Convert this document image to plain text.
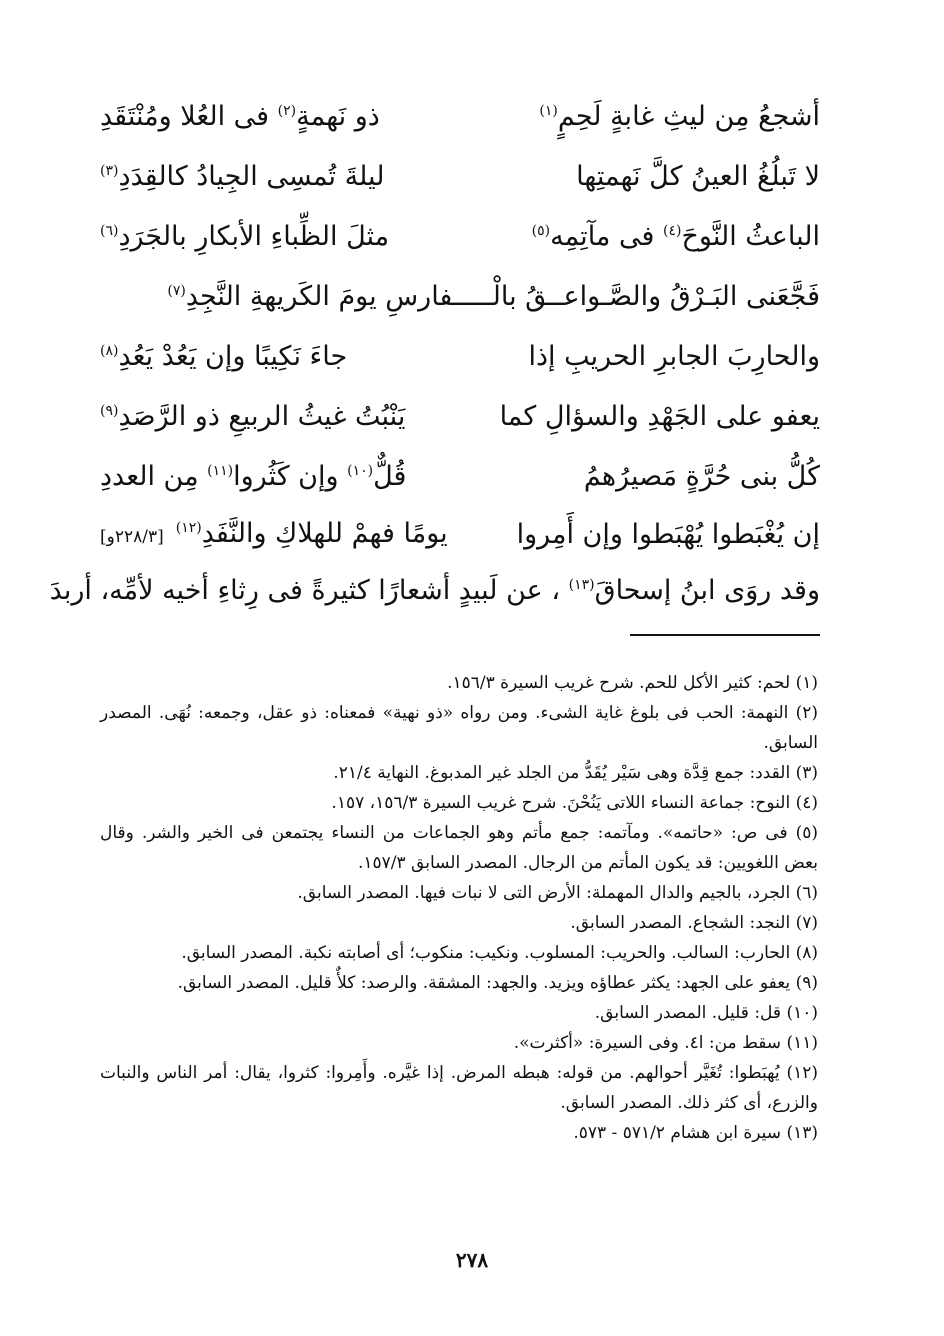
أشجعُ مِن ليثِ غابةٍ لَحِمٍ$^{(١)}$
ذو نَهمةٍ$^{(٢)}$ فى العُلا ومُنْتَقَدِ
لا تَبلُغُ العينُ كلَّ نَهمتِها
ليلةَ تُمسِى الجِيادُ كالقِدَدِ$^{(٣)}$
الباعثُ النَّوحَ$^{(٤)}$ فى مآتِمِه$^{(٥)}$
مثلَ الظِّباءِ الأبكارِ بالجَرَدِ$^{(٦)}$
فَجَّعَنى البَـرْقُ والصَّـواعــقُ بالْـــــفارسِ يومَ الكَريهةِ النَّجِدِ$^{(٧)}$
والحارِبَ الجابرِ الحريبِ إذا
جاءَ نَكِيبًا وإن يَعُدْ يَعُدِ$^{(٨)}$
يعفو على الجَهْدِ والسؤالِ كما
يَنْبُتُ غيثُ الربيعِ ذو الرَّصَدِ$^{(٩)}$
كُلُّ بنى حُرَّةٍ مَصيرُهمُ
قُلٌّ$^{(١٠)}$ وإن كَثُروا$^{(١١)}$ مِن العددِ
إن يُغْبَطوا يُهْبَطوا وإن أَمِروا
يومًا فهمْ للهلاكِ والنَّفَدِ$^{(١٢)}$[٢٢٨/٣و]
وقد روَى ابنُ إسحاقَ$^{(١٣)}$ ، عن لَبيدٍ أشعارًا كثيرةً فى رِثاءِ أخيه لأمِّه، أربدَ

(١) لحم: كثير الأكل للحم. شرح غريب السيرة ١٥٦/٣.

(٢) النهمة: الحب فى بلوغ غاية الشىء. ومن رواه «ذو نهية» فمعناه: ذو عقل، وجمعه: نُهَى. المصدر السابق.

(٣) القدد: جمع قِدَّة وهى سَيْر يُقَدُّ من الجلد غير المدبوغ. النهاية ٢١/٤.

(٤) النوح: جماعة النساء اللاتى يَنُحْنَ. شرح غريب السيرة ١٥٦/٣، ١٥٧.

(٥) فى ص: «حاتمه». ومآتمه: جمع مأتم وهو الجماعات من النساء يجتمعن فى الخير والشر. وقال بعض اللغويين: قد يكون المأتم من الرجال. المصدر السابق ١٥٧/٣.

(٦) الجرد، بالجيم والدال المهملة: الأرض التى لا نبات فيها. المصدر السابق.

(٧) النجد: الشجاع. المصدر السابق.

(٨) الحارب: السالب. والحريب: المسلوب. ونكيب: منكوب؛ أى أصابته نكبة. المصدر السابق.

(٩) يعفو على الجهد: يكثر عطاؤه ويزيد. والجهد: المشقة. والرصد: كلأٌ قليل. المصدر السابق.

(١٠) قل: قليل. المصدر السابق.

(١١) سقط من: ا٤. وفى السيرة: «أكثرت».

(١٢) يُهبَطوا: تُغَيَّر أحوالهم. من قوله: هبطه المرض. إذا غيَّره. وأَمِروا: كثروا، يقال: أمر الناس والنبات والزرع، أى كثر ذلك. المصدر السابق.

(١٣) سيرة ابن هشام ٥٧١/٢ - ٥٧٣.

٢٧٨
